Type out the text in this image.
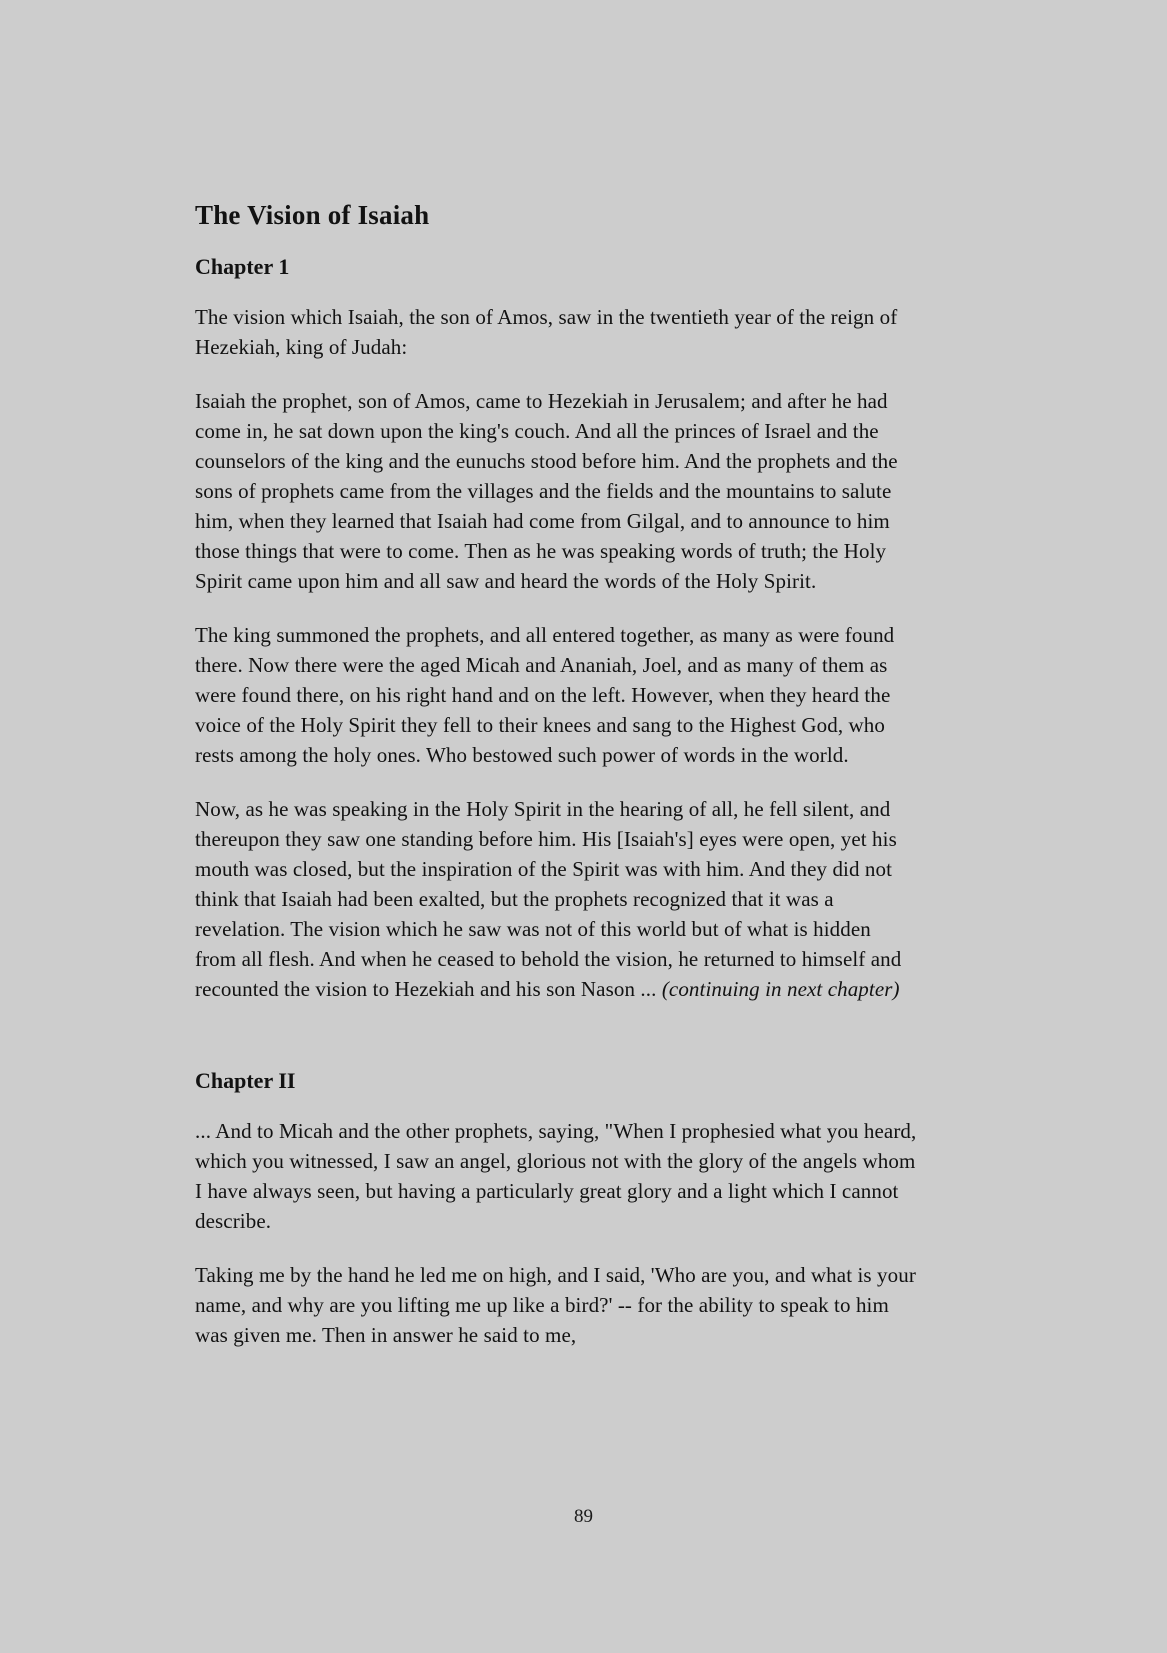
The Vision of Isaiah
Chapter 1

The vision which Isaiah, the son of Amos, saw in the twentieth year of the reign of Hezekiah, king of Judah:

Isaiah the prophet, son of Amos, came to Hezekiah in Jerusalem; and after he had come in, he sat down upon the king's couch. And all the princes of Israel and the counselors of the king and the eunuchs stood before him. And the prophets and the sons of prophets came from the villages and the fields and the mountains to salute him, when they learned that Isaiah had come from Gilgal, and to announce to him those things that were to come. Then as he was speaking words of truth; the Holy Spirit came upon him and all saw and heard the words of the Holy Spirit.

The king summoned the prophets, and all entered together, as many as were found there. Now there were the aged Micah and Ananiah, Joel, and as many of them as were found there, on his right hand and on the left. However, when they heard the voice of the Holy Spirit they fell to their knees and sang to the Highest God, who rests among the holy ones. Who bestowed such power of words in the world.

Now, as he was speaking in the Holy Spirit in the hearing of all, he fell silent, and thereupon they saw one standing before him. His [Isaiah's] eyes were open, yet his mouth was closed, but the inspiration of the Spirit was with him. And they did not think that Isaiah had been exalted, but the prophets recognized that it was a revelation. The vision which he saw was not of this world but of what is hidden from all flesh. And when he ceased to behold the vision, he returned to himself and recounted the vision to Hezekiah and his son Nason ... (continuing in next chapter)

Chapter II

... And to Micah and the other prophets, saying, "When I prophesied what you heard, which you witnessed, I saw an angel, glorious not with the glory of the angels whom I have always seen, but having a particularly great glory and a light which I cannot describe.

Taking me by the hand he led me on high, and I said, 'Who are you, and what is your name, and why are you lifting me up like a bird?' -- for the ability to speak to him was given me. Then in answer he said to me,

89
